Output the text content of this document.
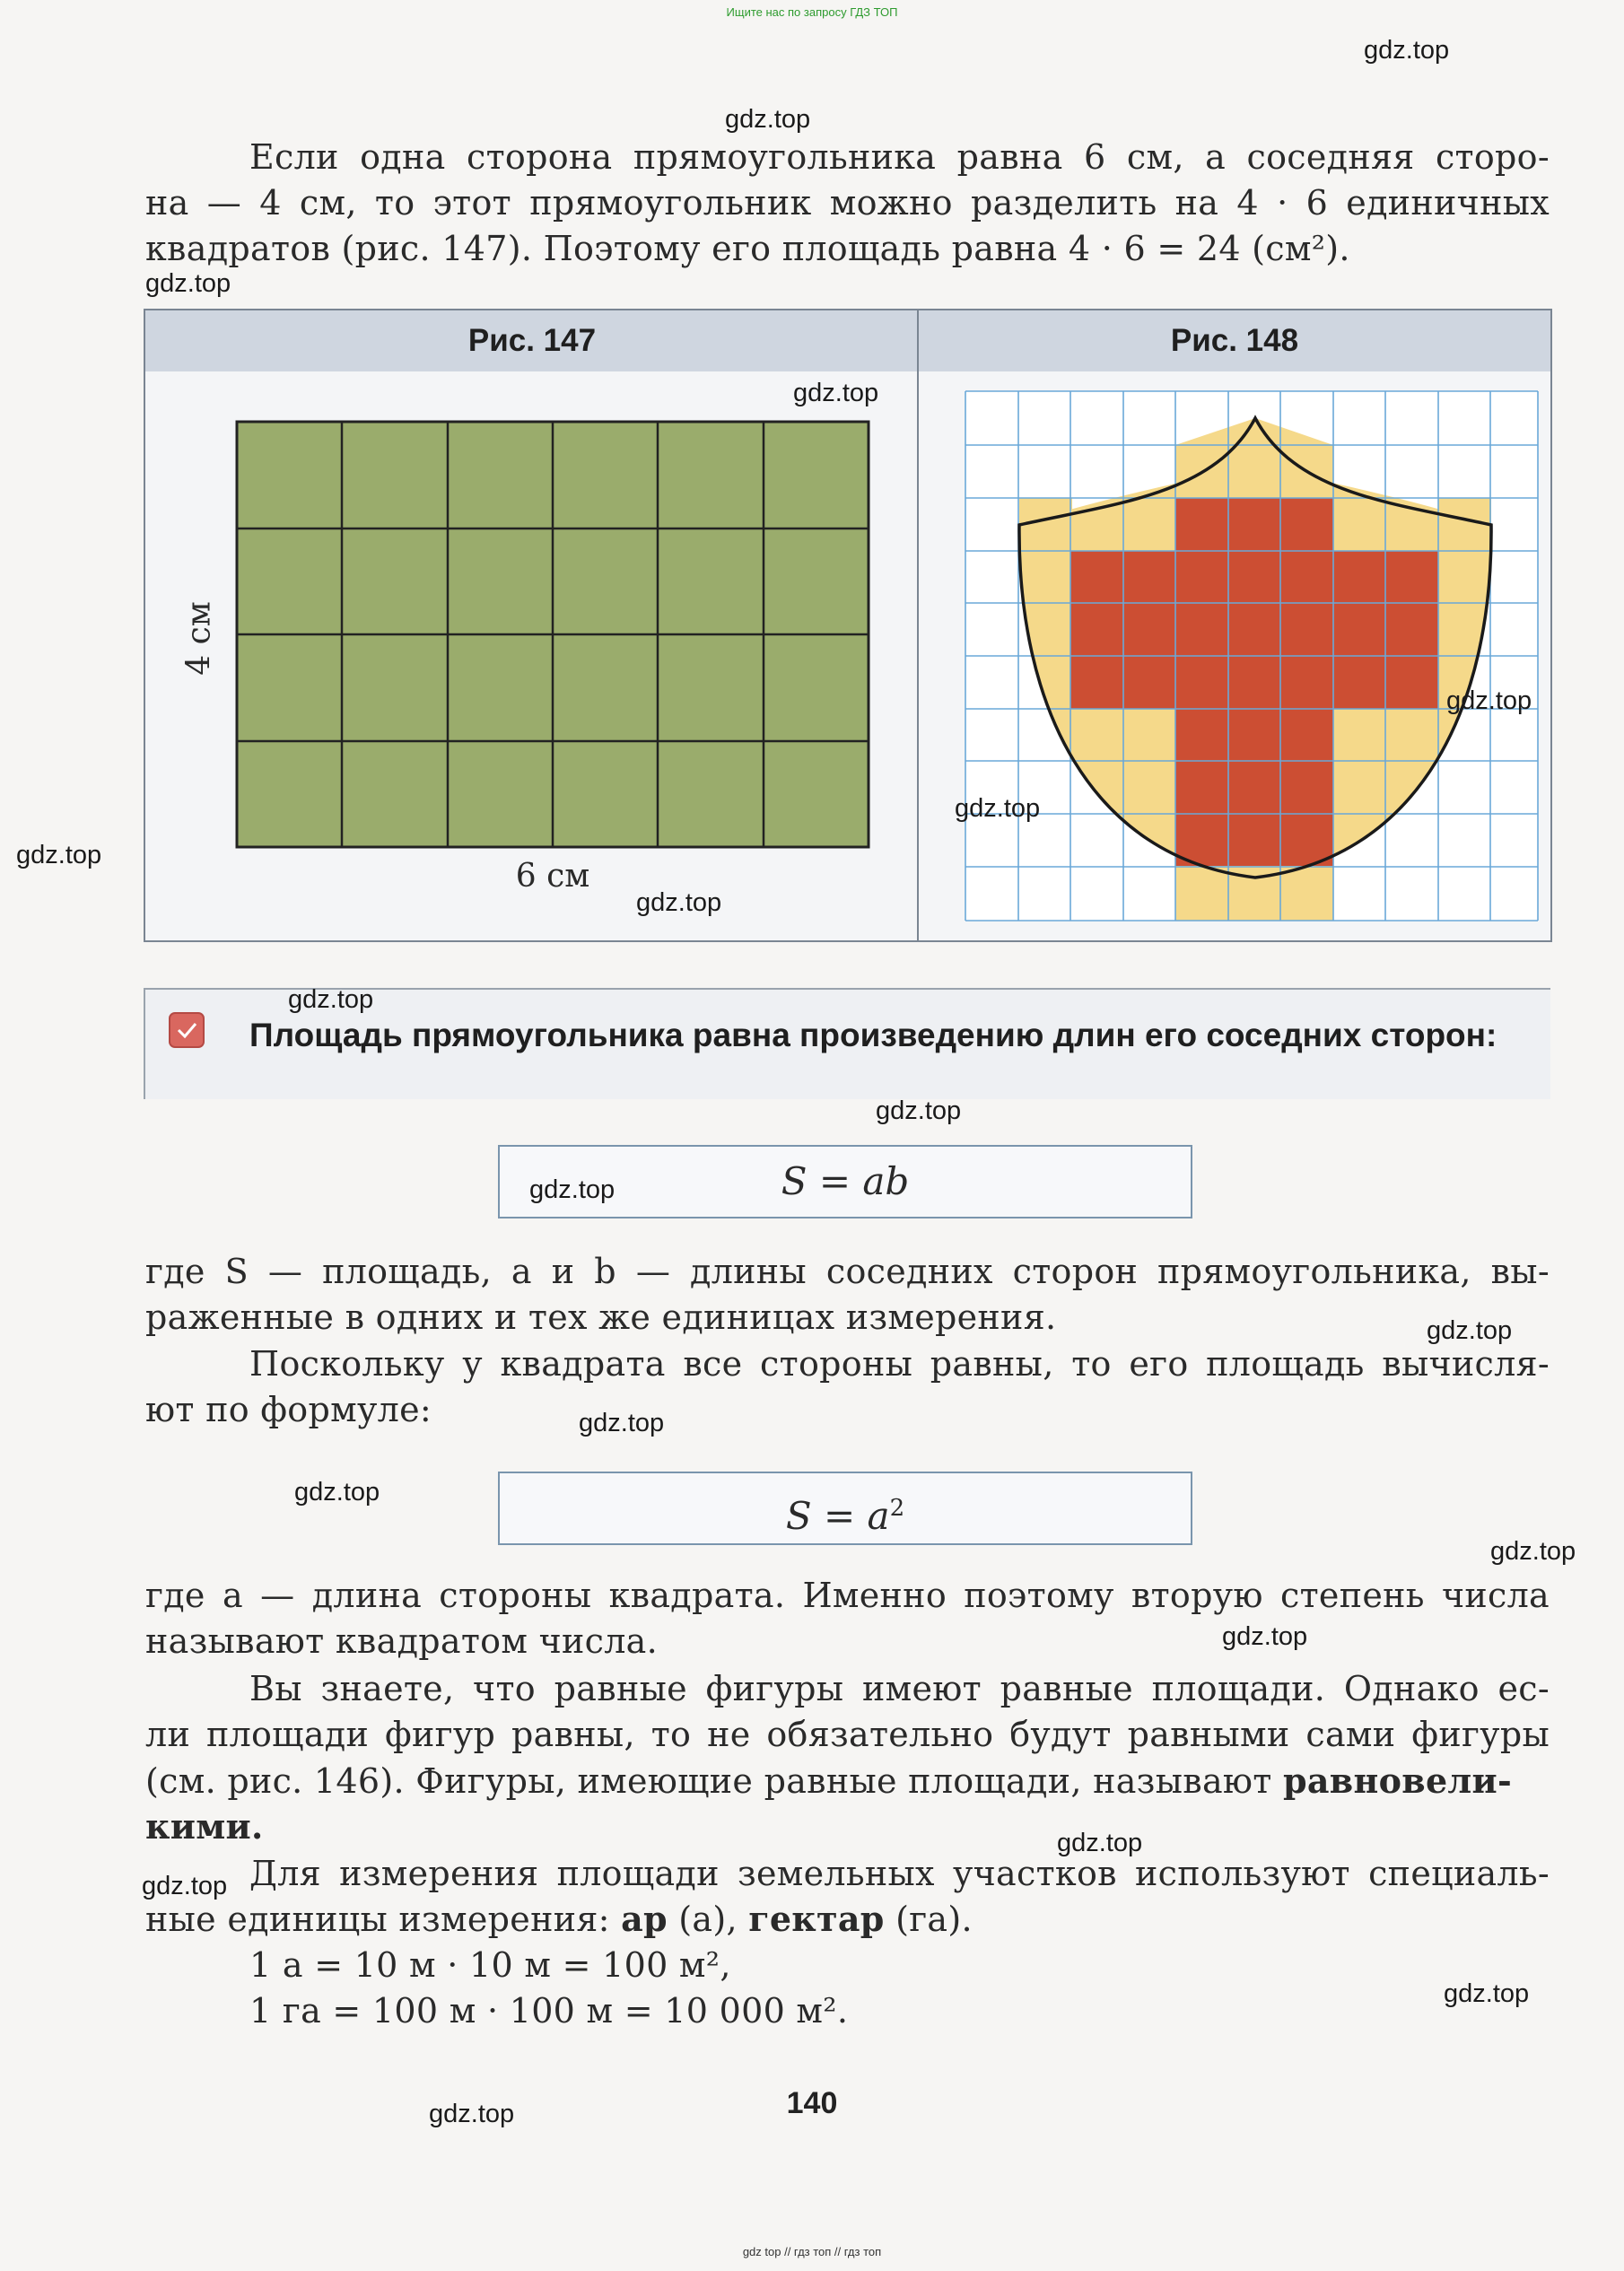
Ищите нас по запросу ГДЗ ТОП
Если одна сторона прямоугольника равна 6 см, а соседняя сторо-
на — 4 см, то этот прямоугольник можно разделить на 4 · 6 единичных
квадратов (рис. 147). Поэтому его площадь равна 4 · 6 = 24 (см²).
Рис. 147
6 см
4 см
Рис. 148
Площадь прямоугольника равна произведению длин его соседних сторон:
S = ab
где S — площадь, a и b — длины соседних сторон прямоугольника, вы-
раженные в одних и тех же единицах измерения.
Поскольку у квадрата все стороны равны, то его площадь вычисля-
ют по формуле:
$S = a^2$
где a — длина стороны квадрата. Именно поэтому вторую степень числа
называют квадратом числа.
Вы знаете, что равные фигуры имеют равные площади. Однако ес-
ли площади фигур равны, то не обязательно будут равными сами фигуры
(см. рис. 146). Фигуры, имеющие равные площади, называют равновели-
кими.
Для измерения площади земельных участков используют специаль-
ные единицы измерения: ар (а), гектар (га).
1 а = 10 м · 10 м = 100 м²,
1 га = 100 м · 100 м = 10 000 м².
140
gdz.top
gdz.top
gdz.top
gdz.top
gdz.top
gdz.top
gdz.top
gdz.top
gdz.top
gdz.top
gdz.top
gdz.top
gdz.top
gdz.top
gdz.top
gdz.top
gdz.top
gdz.top
gdz.top
gdz.top
gdz top // гдз топ // гдз топ
